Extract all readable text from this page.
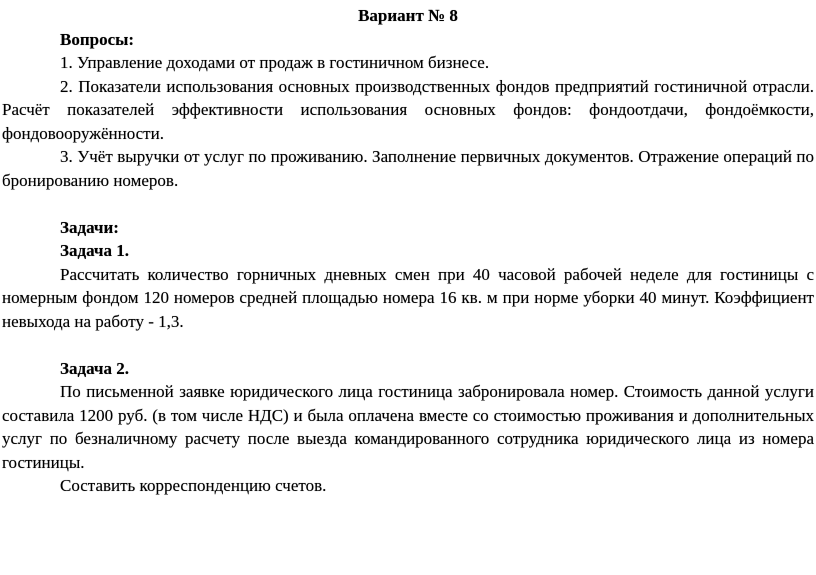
Вариант № 8

Вопросы:

1. Управление доходами от продаж в гостиничном бизнесе.

2. Показатели использования основных производственных фондов предприятий гостиничной отрасли. Расчёт показателей эффективности использования основных фондов: фондоотдачи, фондоёмкости, фондовооружённости.

3. Учёт выручки от услуг по проживанию. Заполнение первичных документов. Отражение операций по бронированию номеров.

Задачи:

Задача 1.

Рассчитать количество горничных дневных смен при 40 часовой рабочей неделе для гостиницы с номерным фондом 120 номеров средней площадью номера 16 кв. м при норме уборки 40 минут. Коэффициент невыхода на работу - 1,3.

Задача 2.

По письменной заявке юридического лица гостиница забронировала номер. Стоимость данной услуги составила 1200 руб. (в том числе НДС) и была оплачена вместе со стоимостью проживания и дополнительных услуг по безналичному расчету после выезда командированного сотрудника юридического лица из номера гостиницы.

Составить корреспонденцию счетов.
